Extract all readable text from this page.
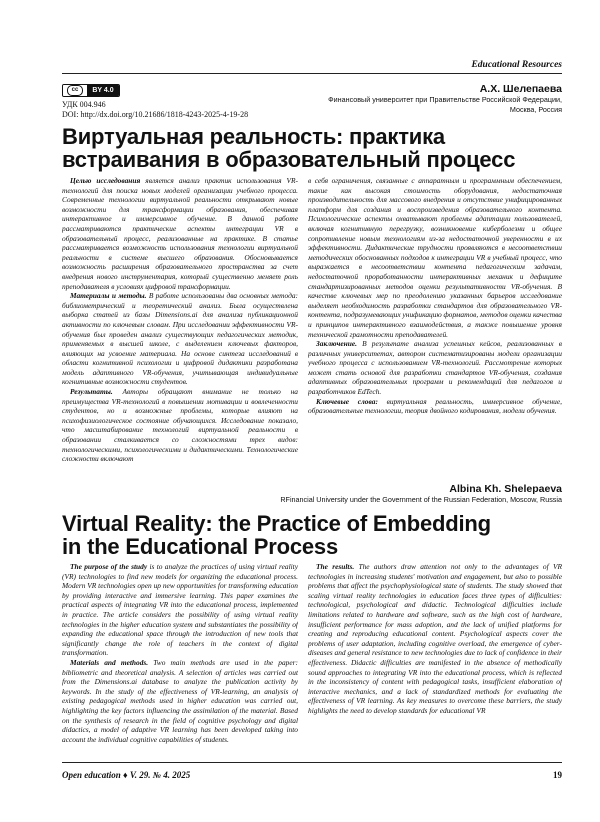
Educational Resources
cc	BY 4.0
УДК 004.946
DOI: http://dx.doi.org/10.21686/1818-4243-2025-4-19-28
А.Х. Шелепаева
Финансовый университет при Правительстве Российской Федерации,
Москва, Россия
Виртуальная реальность: практика
встраивания в образовательный процесс

Целью исследования является анализ практик использования VR-технологий для поиска новых моделей организации учебного процесса. Современные технологии виртуальной реальности открывают новые возможности для трансформации образования, обеспечивая интерактивное и иммерсивное обучение. В данной работе рассматриваются практические аспекты интеграции VR в образовательный процесс, реализованные на практике. В статье рассматривается возможность использования технологии виртуальной реальности в системе высшего образования. Обосновывается возможность расширения образовательного пространства за счет внедрения нового инструментария, который существенно меняет роль преподавателя в условиях цифровой трансформации.

Материалы и методы. В работе использованы два основных метода: библиометрический и теоретический анализ. Была осуществлена выборка статей из базы Dimensions.ai для анализа публикационной активности по ключевым словам. При исследовании эффективности VR-обучения был проведен анализ существующих педагогических методик, применяемых в высшей школе, с выделением ключевых факторов, влияющих на усвоение материала. На основе синтеза исследований в области когнитивной психологии и цифровой дидактики разработана модель адаптивного VR-обучения, учитывающая индивидуальные когнитивные возможности студентов.

Результаты. Авторы обращают внимание не только на преимущества VR-технологий в повышении мотивации и вовлеченности студентов, но и возможные проблемы, которые влияют на психофизиологическое состояние обучающихся. Исследование показало, что масштабирование технологий виртуальной реальности в образовании сталкивается со сложностями трех видов: технологическими, психологическими и дидактическими. Технологические сложности включают

в себя ограничения, связанные с аппаратным и программным обеспечением, такие как высокая стоимость оборудования, недостаточная производительность для массового внедрения и отсутствие унифицированных платформ для создания и воспроизведения образовательного контента. Психологические аспекты охватывают проблемы адаптации пользователей, включая когнитивную перегрузку, возникновение киберболезни и общее сопротивление новым технологиям из-за недостаточной уверенности в их эффективности. Дидактические трудности проявляются в несоответствии методических обоснованных подходов к интеграции VR в учебный процесс, что выражается в несоответствии контента педагогическим задачам, недостаточной проработанности интерактивных механик и дефиците стандартизированных методов оценки результативности VR-обучения. В качестве ключевых мер по преодолению указанных барьеров исследование выделяет необходимость разработки стандартов для образовательного VR-контента, подразумевающих унификацию форматов, методов оценки качества и принципов интерактивного взаимодействия, а также повышение уровня технической грамотности преподавателей.

Заключение. В результате анализа успешных кейсов, реализованных в различных университетах, автором систематизированы модели организации учебного процесса с использованием VR-технологий. Рассмотрение которых может стать основой для разработки стандартов VR-обучения, создания адаптивных образовательных программ и рекомендаций для педагогов и разработчиков EdTech.

Ключевые слова: виртуальная реальность, иммерсивное обучение, образовательные технологии, теория двойного кодирования, модели обучения.

Albina Kh. Shelepaeva
RFinancial University under the Government of the Russian Federation, Moscow, Russia
Virtual Reality: the Practice of Embedding
in the Educational Process

The purpose of the study is to analyze the practices of using virtual reality (VR) technologies to find new models for organizing the educational process. Modern VR technologies open up new opportunities for transforming education by providing interactive and immersive learning. This paper examines the practical aspects of integrating VR into the educational process, implemented in practice. The article considers the possibility of using virtual reality technologies in the higher education system and substantiates the possibility of expanding the educational space through the introduction of new tools that significantly change the role of teachers in the context of digital transformation.

Materials and methods. Two main methods are used in the paper: bibliometric and theoretical analysis. A selection of articles was carried out from the Dimensions.ai database to analyze the publication activity by keywords. In the study of the effectiveness of VR-learning, an analysis of existing pedagogical methods used in higher education was carried out, highlighting the key factors influencing the assimilation of the material. Based on the synthesis of research in the field of cognitive psychology and digital didactics, a model of adaptive VR learning has been developed taking into account the individual cognitive capabilities of students.

The results. The authors draw attention not only to the advantages of VR technologies in increasing students' motivation and engagement, but also to possible problems that affect the psychophysiological state of students. The study showed that scaling virtual reality technologies in education faces three types of difficulties: technological, psychological and didactic. Technological difficulties include limitations related to hardware and software, such as the high cost of hardware, insufficient performance for mass adoption, and the lack of unified platforms for creating and reproducing educational content. Psychological aspects cover the problems of user adaptation, including cognitive overload, the emergence of cyber-diseases and general resistance to new technologies due to lack of confidence in their effectiveness. Didactic difficulties are manifested in the absence of methodically sound approaches to integrating VR into the educational process, which is reflected in the inconsistency of content with pedagogical tasks, insufficient elaboration of interactive mechanics, and a lack of standardized methods for evaluating the effectiveness of VR learning. As key measures to overcome these barriers, the study highlights the need to develop standards for educational VR

Open education ♦ V. 29. № 4. 2025	19
